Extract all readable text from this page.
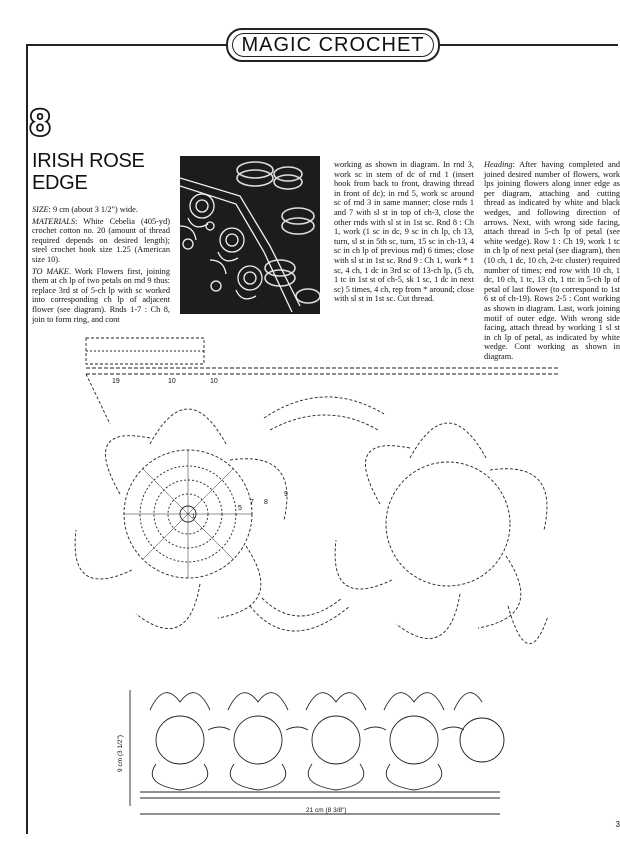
MAGIC CROCHET
8
IRISH ROSE
EDGE

SIZE: 9 cm (about 3 1/2") wide.

MATERIALS: White Cebelia (405-yd) crochet cotton no. 20 (amount of thread required depends on desired length); steel crochet hook size 1.25 (American size 10).

TO MAKE. Work Flowers first, joining them at ch lp of two petals on rnd 9 thus: replace 3rd st of 5-ch lp with sc worked into corresponding ch lp of adjacent flower (see diagram). Rnds 1-7 : Ch 8, join to form ring, and cont

working as shown in diagram. In rnd 3, work sc in stem of dc of rnd 1 (insert hook from back to front, drawing thread in front of dc); in rnd 5, work sc around sc of rnd 3 in same manner; close rnds 1 and 7 with sl st in top of ch-3, close the other rnds with sl st in 1st sc. Rnd 8 : Ch 1, work (1 sc in dc, 9 sc in ch lp, ch 13, turn, sl st in 5th sc, turn, 15 sc in ch-13, 4 sc in ch lp of previous rnd) 6 times; close with sl st in 1st sc. Rnd 9 : Ch 1, work * 1 sc, 4 ch, 1 dc in 3rd sc of 13-ch lp, (5 ch, 1 tc in 1st st of ch-5, sk 1 sc, 1 dc in next sc) 5 times, 4 ch, rep from * around; close with sl st in 1st sc. Cut thread.

Heading: After having completed and joined desired number of flowers, work lps joining flowers along inner edge as per diagram, attaching and cutting thread as indicated by white and black wedges, and following direction of arrows. Next, with wrong side facing, attach thread in 5-ch lp of petal (see white wedge). Row 1 : Ch 19, work 1 tc in ch lp of next petal (see diagram), then (10 ch, 1 dc, 10 ch, 2-tc cluster) required number of times; end row with 10 ch, 1 dc, 10 ch, 1 tc, 13 ch, 1 ttc in 5-ch lp of petal of last flower (to correspond to 1st 6 st of ch-19). Rows 2-5 : Cont working as shown in diagram. Last, work joining motif of outer edge. With wrong side facing, attach thread by working 1 sl st in ch lp of petal, as indicated by white wedge. Cont working as shown in diagram.

19	10	10
1
5
7 8
9
9 cm (3 1/2")
21 cm (8 3/8")
3
